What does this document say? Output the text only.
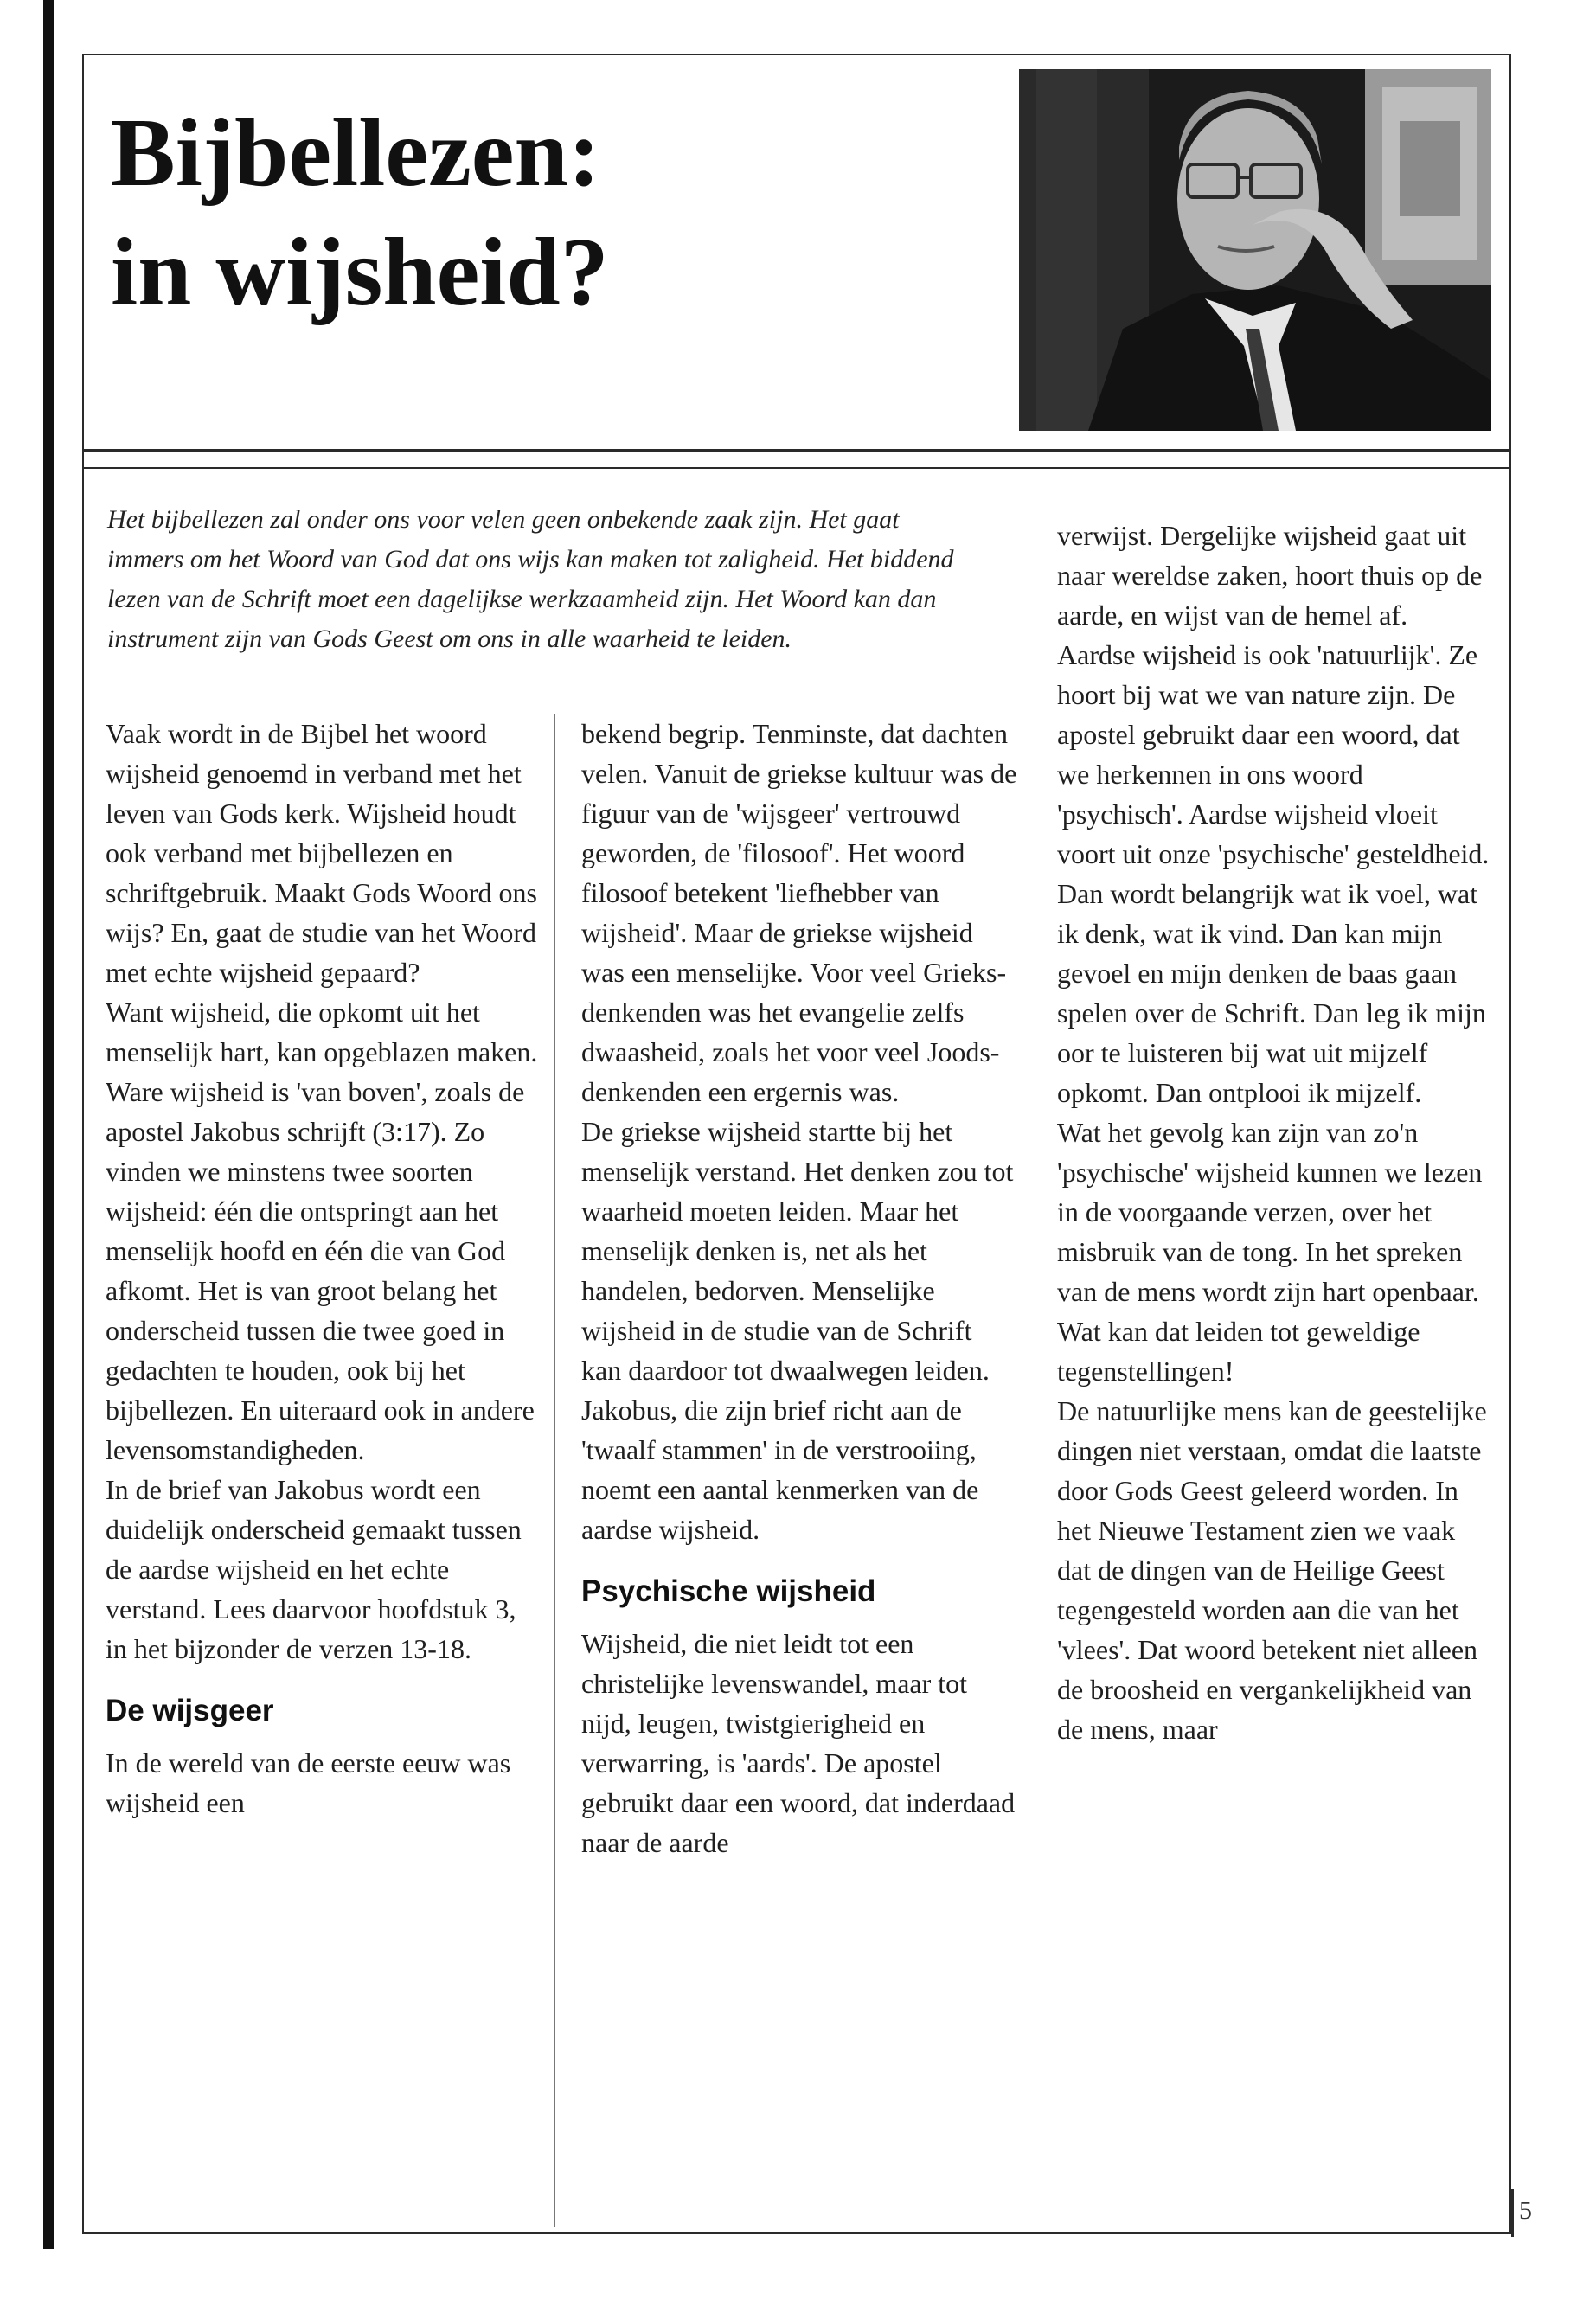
Bijbellezen:
in wijsheid?

Het bijbellezen zal onder ons voor velen geen onbekende zaak zijn. Het gaat immers om het Woord van God dat ons wijs kan maken tot zaligheid. Het biddend lezen van de Schrift moet een dagelijkse werkzaamheid zijn. Het Woord kan dan instrument zijn van Gods Geest om ons in alle waarheid te leiden.

Vaak wordt in de Bijbel het woord wijsheid genoemd in verband met het leven van Gods kerk. Wijsheid houdt ook verband met bijbellezen en schriftgebruik. Maakt Gods Woord ons wijs? En, gaat de studie van het Woord met echte wijsheid gepaard?

Want wijsheid, die opkomt uit het menselijk hart, kan opgeblazen maken. Ware wijsheid is 'van boven', zoals de apostel Jakobus schrijft (3:17). Zo vinden we minstens twee soorten wijsheid: één die ontspringt aan het menselijk hoofd en één die van God afkomt. Het is van groot belang het onderscheid tussen die twee goed in gedachten te houden, ook bij het bijbellezen. En uiteraard ook in andere levensomstandigheden.

In de brief van Jakobus wordt een duidelijk onderscheid gemaakt tussen de aardse wijsheid en het echte verstand. Lees daarvoor hoofdstuk 3, in het bijzonder de verzen 13-18.

De wijsgeer

In de wereld van de eerste eeuw was wijsheid een

bekend begrip. Tenminste, dat dachten velen. Vanuit de griekse kultuur was de figuur van de 'wijsgeer' vertrouwd geworden, de 'filosoof'. Het woord filosoof betekent 'liefhebber van wijsheid'. Maar de griekse wijsheid was een menselijke. Voor veel Grieks-denkenden was het evangelie zelfs dwaasheid, zoals het voor veel Joods-denkenden een ergernis was.

De griekse wijsheid startte bij het menselijk verstand. Het denken zou tot waarheid moeten leiden. Maar het menselijk denken is, net als het handelen, bedorven. Menselijke wijsheid in de studie van de Schrift kan daardoor tot dwaalwegen leiden. Jakobus, die zijn brief richt aan de 'twaalf stammen' in de verstrooiing, noemt een aantal kenmerken van de aardse wijsheid.

Psychische wijsheid

Wijsheid, die niet leidt tot een christelijke levenswandel, maar tot nijd, leugen, twistgierigheid en verwarring, is 'aards'. De apostel gebruikt daar een woord, dat inderdaad naar de aarde

verwijst. Dergelijke wijsheid gaat uit naar wereldse zaken, hoort thuis op de aarde, en wijst van de hemel af.

Aardse wijsheid is ook 'natuurlijk'. Ze hoort bij wat we van nature zijn. De apostel gebruikt daar een woord, dat we herkennen in ons woord 'psychisch'. Aardse wijsheid vloeit voort uit onze 'psychische' gesteldheid. Dan wordt belangrijk wat ik voel, wat ik denk, wat ik vind. Dan kan mijn gevoel en mijn denken de baas gaan spelen over de Schrift. Dan leg ik mijn oor te luisteren bij wat uit mijzelf opkomt. Dan ontplooi ik mijzelf.

Wat het gevolg kan zijn van zo'n 'psychische' wijsheid kunnen we lezen in de voorgaande verzen, over het misbruik van de tong. In het spreken van de mens wordt zijn hart openbaar. Wat kan dat leiden tot geweldige tegenstellingen!

De natuurlijke mens kan de geestelijke dingen niet verstaan, omdat die laatste door Gods Geest geleerd worden. In het Nieuwe Testament zien we vaak dat de dingen van de Heilige Geest tegengesteld worden aan die van het 'vlees'. Dat woord betekent niet alleen de broosheid en vergankelijkheid van de mens, maar

5
